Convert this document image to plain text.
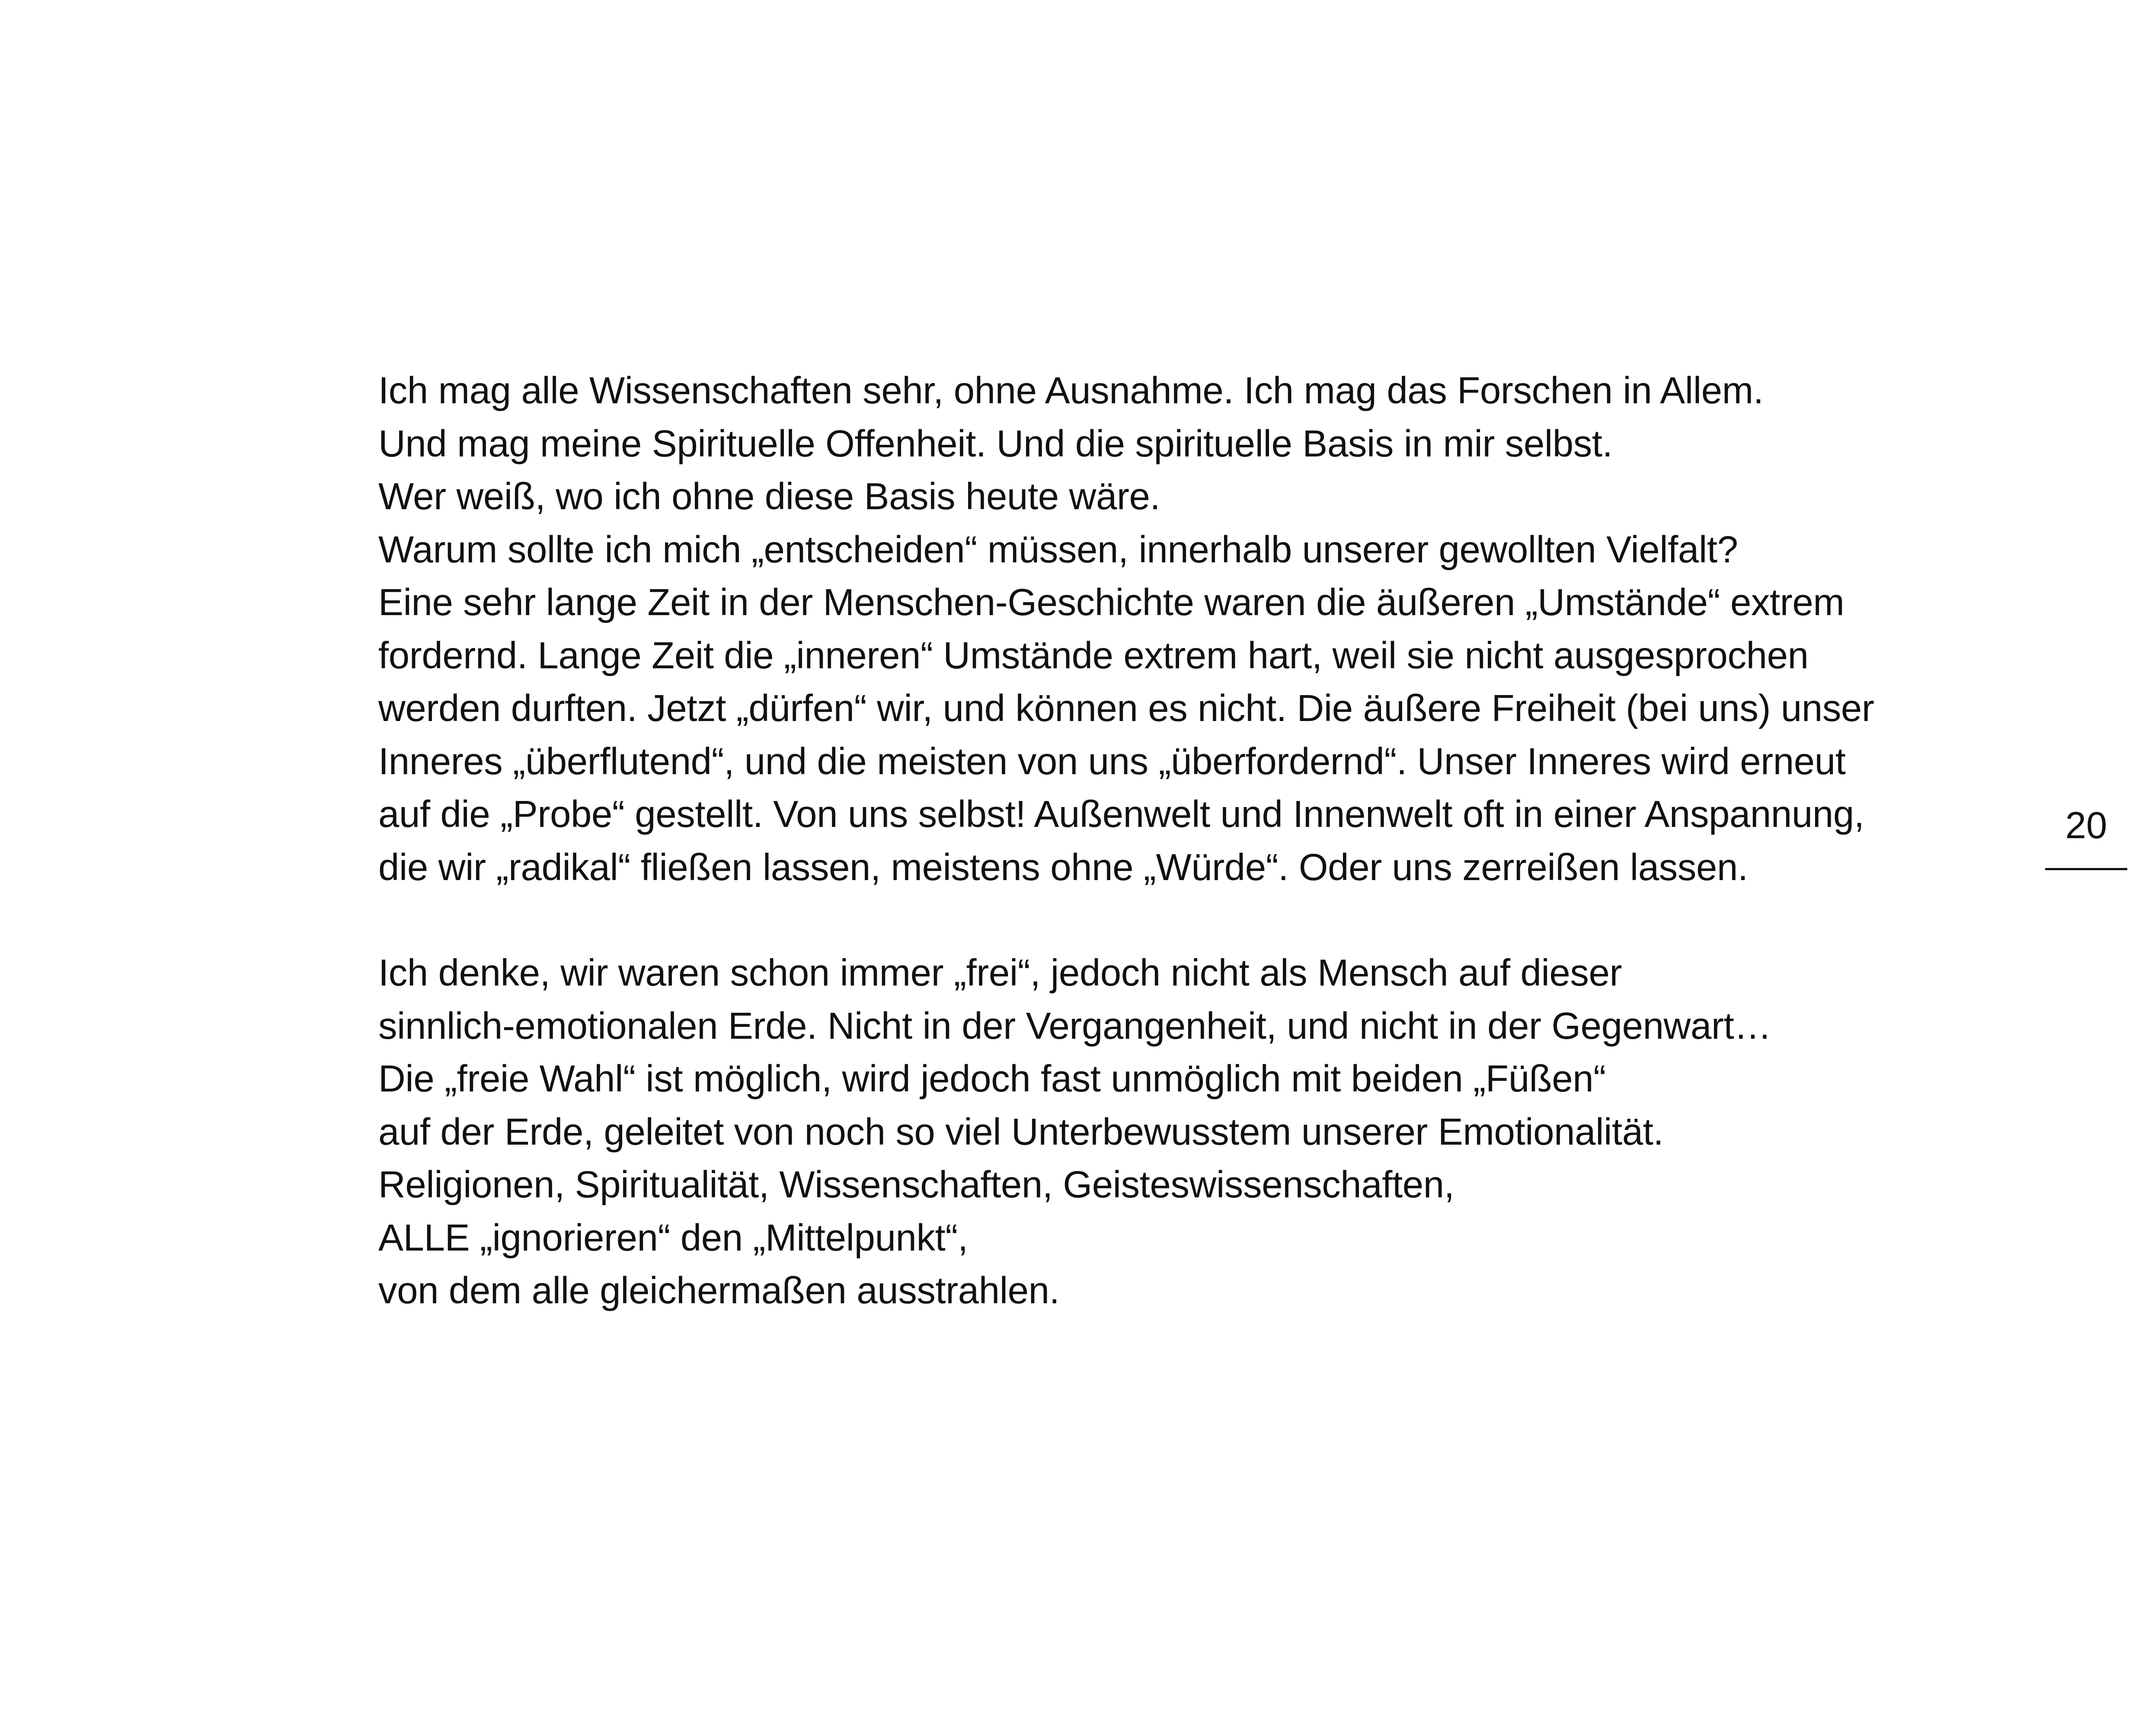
Ich mag alle Wissenschaften sehr, ohne Ausnahme. Ich mag das Forschen in Allem.
Und mag meine Spirituelle Offenheit. Und die spirituelle Basis in mir selbst.
Wer weiß, wo ich ohne diese Basis heute wäre.
Warum sollte ich mich „entscheiden“ müssen, innerhalb unserer gewollten Vielfalt?
Eine sehr lange Zeit in der Menschen-Geschichte waren die äußeren „Umstände“ extrem
fordernd. Lange Zeit die „inneren“ Umstände extrem hart, weil sie nicht ausgesprochen
werden durften. Jetzt „dürfen“ wir, und können es nicht. Die äußere Freiheit (bei uns) unser
Inneres „überflutend“, und die meisten von uns „überfordernd“. Unser Inneres wird erneut
auf die „Probe“ gestellt. Von uns selbst! Außenwelt und Innenwelt oft in einer Anspannung,
die wir „radikal“ fließen lassen, meistens ohne „Würde“. Oder uns zerreißen lassen.

Ich denke, wir waren schon immer „frei“, jedoch nicht als Mensch auf dieser
sinnlich-emotionalen Erde. Nicht in der Vergangenheit, und nicht in der Gegenwart…
Die „freie Wahl“ ist möglich, wird jedoch fast unmöglich mit beiden „Füßen“
auf der Erde, geleitet von noch so viel Unterbewusstem unserer Emotionalität.
Religionen, Spiritualität, Wissenschaften, Geisteswissenschaften,
ALLE „ignorieren“ den „Mittelpunkt“,
von dem alle gleichermaßen ausstrahlen.

20
